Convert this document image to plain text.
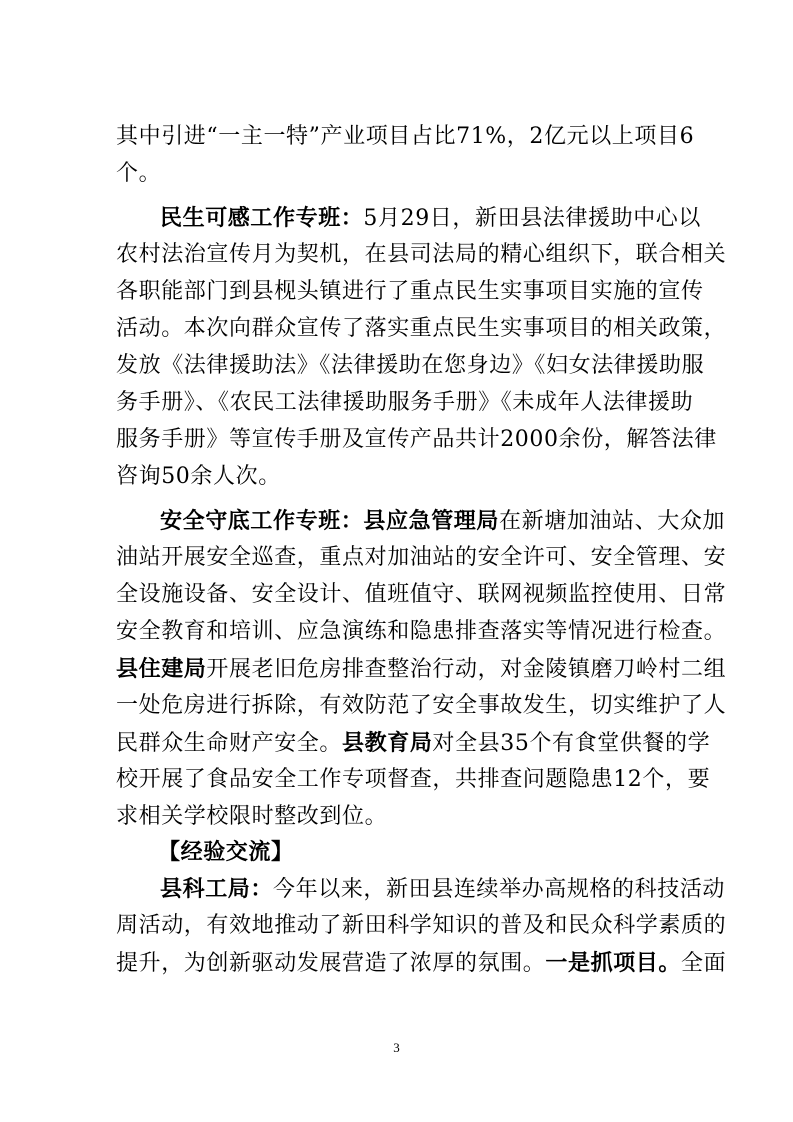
其中引进“一主一特”产业项目占比71%，2亿元以上项目6
个。
民生可感工作专班：5月29日，新田县法律援助中心以
农村法治宣传月为契机，在县司法局的精心组织下，联合相关
各职能部门到县枧头镇进行了重点民生实事项目实施的宣传
活动。本次向群众宣传了落实重点民生实事项目的相关政策，
发放《法律援助法》《法律援助在您身边》《妇女法律援助服
务手册》、《农民工法律援助服务手册》《未成年人法律援助
服务手册》等宣传手册及宣传产品共计2000余份，解答法律
咨询50余人次。
安全守底工作专班：县应急管理局在新塘加油站、大众加
油站开展安全巡查，重点对加油站的安全许可、安全管理、安
全设施设备、安全设计、值班值守、联网视频监控使用、日常
安全教育和培训、应急演练和隐患排查落实等情况进行检查。
县住建局开展老旧危房排查整治行动，对金陵镇磨刀岭村二组
一处危房进行拆除，有效防范了安全事故发生，切实维护了人
民群众生命财产安全。县教育局对全县35个有食堂供餐的学
校开展了食品安全工作专项督查，共排查问题隐患12个，要
求相关学校限时整改到位。
【经验交流】
县科工局：今年以来，新田县连续举办高规格的科技活动
周活动，有效地推动了新田科学知识的普及和民众科学素质的
提升，为创新驱动发展营造了浓厚的氛围。一是抓项目。全面
3
